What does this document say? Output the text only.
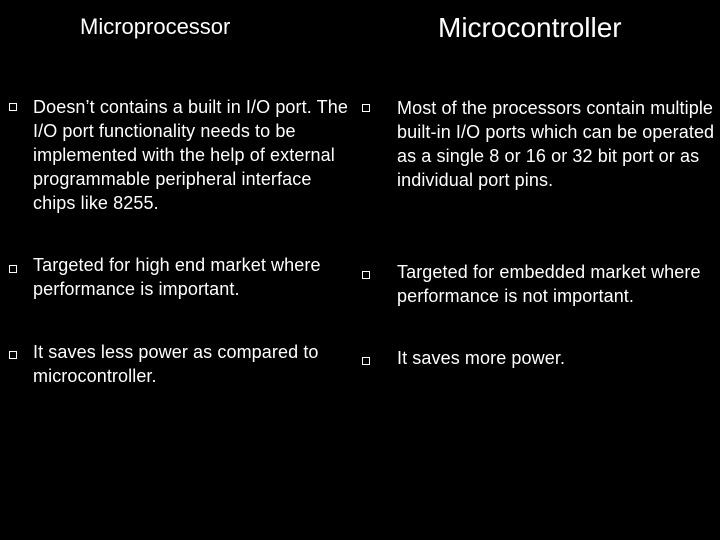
Microprocessor	Microcontroller
Doesn’t contains a built in I/O port. The I/O port functionality needs to be implemented with the help of external programmable peripheral interface chips like 8255.
Targeted for high end market where performance is important.
It saves less power as compared to microcontroller.
Most of the processors contain multiple built-in I/O ports which can be operated as a single 8 or 16 or 32 bit port or as individual port pins.
Targeted for embedded market where performance is not important.
It saves more power.
